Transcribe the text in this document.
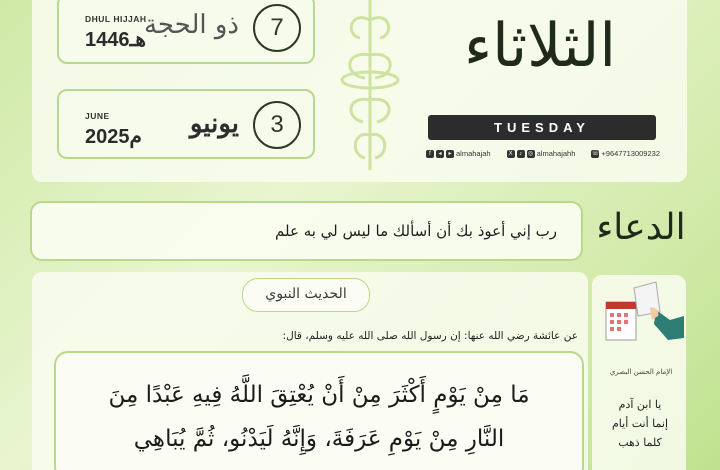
DHUL HIJJAH
1446هـ
ذو الحجة	7
JUNE
2025م يونيو	3
الثلاثاء
TUESDAY
f	◂	▸ almahajah	X	♪ ◎ almahajahh	☏ +9647713009232
رب إني أعوذ بك أن أسألك ما ليس لي به علم الدعاء
الحديث النبوي
عن عائشة رضي الله عنها: إن رسول الله صلى الله عليه وسلم، قال:
مَا مِنْ يَوْمٍ أَكْثَرَ مِنْ أَنْ يُعْتِقَ اللَّهُ فِيهِ عَبْدًا مِنَ
النَّارِ مِنْ يَوْمِ عَرَفَةَ، وَإِنَّهُ لَيَدْنُو، ثُمَّ يُبَاهِي
الإمام الحسن البصري
يا ابن آدم
إنما أنت أيام
كلما ذهب
